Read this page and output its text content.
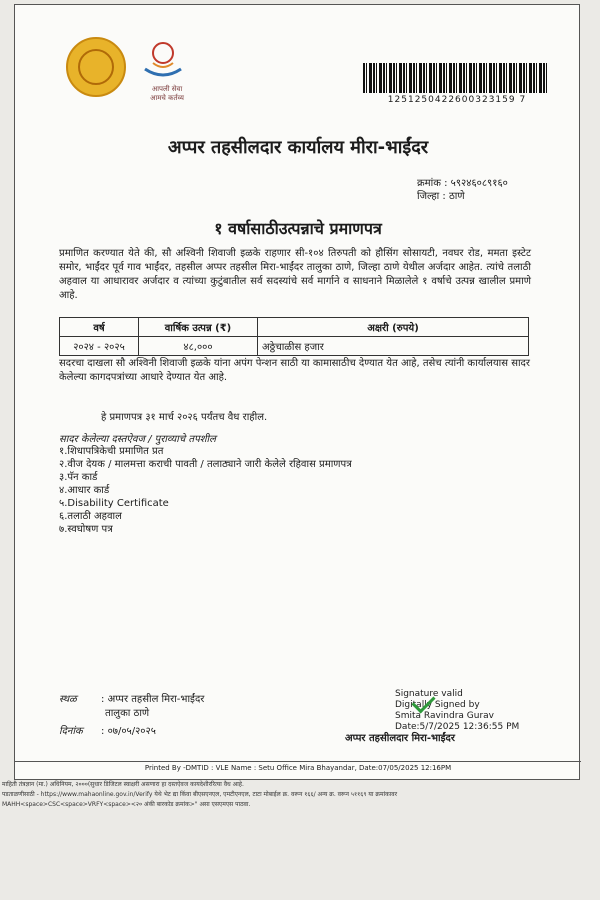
आपली सेवा
आमचे कर्तव्य	1251250422600323159 7
अप्पर तहसीलदार कार्यालय मीरा-भाईंदर
क्रमांक : ५९२४६०८९१६०
जिल्हा : ठाणे
१ वर्षासाठीउत्पन्नाचे प्रमाणपत्र
प्रमाणित करण्यात येते की, सौ अश्विनी शिवाजी इळके राहणार सी-१०४ तिरुपती को हौसिंग सोसायटी, नवघर रोड, ममता इस्टेट समोर, भाईंदर पूर्व गाव भाईंदर, तहसील अप्पर तहसील मिरा-भाईंदर तालुका ठाणे, जिल्हा ठाणे येथील अर्जदार आहेत. त्यांचे तलाठी अहवाल या आधारावर अर्जदार व त्यांच्या कुटुंबातील सर्व सदस्यांचे सर्व मार्गाने व साधनाने मिळालेले १ वर्षाचे उत्पन्न खालील प्रमाणे आहे.
वर्ष	वार्षिक उत्पन्न (₹)	अक्षरी (रुपये)
२०२४ - २०२५	४८,०००	अठ्ठेचाळीस हजार
सदरचा दाखला सौ अश्विनी शिवाजी इळके यांना अपंग पेन्शन साठी या कामासाठीच देण्यात येत आहे, तसेच त्यांनी कार्यालयास सादर केलेल्या कागदपत्रांच्या आधारे देण्यात येत आहे.
हे प्रमाणपत्र ३१ मार्च २०२६ पर्यंतच वैध राहील.
सादर केलेल्या दस्तऐवज / पुराव्याचे तपशील
१.शिधापत्रिकेची प्रमाणित प्रत
२.वीज देयक / मालमत्ता कराची पावती / तलाठ्याने जारी केलेले रहिवास प्रमाणपत्र
३.पॅन कार्ड
४.आधार कार्ड
५.Disability Certificate
६.तलाठी अहवाल
७.स्वघोषण पत्र
स्थळ : अप्पर तहसील मिरा-भाईंदर
तालुका ठाणे
दिनांक : ०७/०५/२०२५
Signature valid
Digitally Signed by
Smita Ravindra Gurav
Date:5/7/2025 12:36:55 PM
अप्पर तहसीलदार मिरा-भाईंदर
Printed By -DMTID : VLE Name : Setu Office Mira Bhayandar, Date:07/05/2025 12:16PM
माहिती तंत्रज्ञान (मा.) अधिनियम, २०००(सुधार डिजिटल स्वाक्षरी असणारा हा दस्तऐवज कायदेशीररित्या वैध आहे.
पडताळणीसाठी - https://www.mahaonline.gov.in/Verify येथे भेट द्या किंवा बीएसएनएल, एमटीएनएल, टाटा मोबाईल क्र. वरून १६६/ अन्य क्र. वरून ५११६९ या क्रमांकावर
MAHH<space>CSC<space>VRFY<space><२० अंकी बारकोड क्रमांक>" असा एसएमएस पाठवा.
